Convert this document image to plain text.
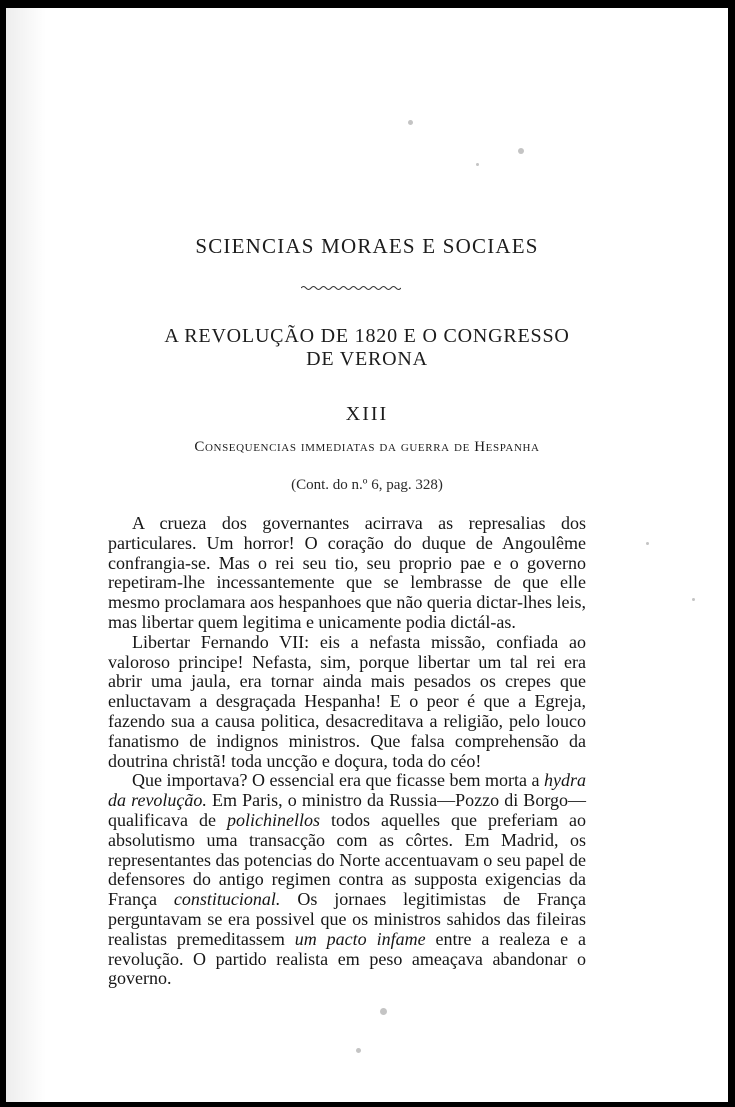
SCIENCIAS MORAES E SOCIAES
A REVOLUÇÃO DE 1820 E O CONGRESSO
DE VERONA
XIII
Consequencias immediatas da guerra de Hespanha
(Cont. do n.º 6, pag. 328)

A crueza dos governantes acirrava as represalias dos particulares. Um horror! O coração do duque de Angoulême confrangia-se. Mas o rei seu tio, seu proprio pae e o governo repetiram-lhe incessantemente que se lembrasse de que elle mesmo proclamara aos hespanhoes que não queria dictar-lhes leis, mas libertar quem legitima e unicamente podia dictál-as.

Libertar Fernando VII: eis a nefasta missão, confiada ao valoroso principe! Nefasta, sim, porque libertar um tal rei era abrir uma jaula, era tornar ainda mais pesados os crepes que enluctavam a desgraçada Hespanha! E o peor é que a Egreja, fazendo sua a causa politica, desacreditava a religião, pelo louco fanatismo de indignos ministros. Que falsa comprehensão da doutrina christã! toda uncção e doçura, toda do céo!

Que importava? O essencial era que ficasse bem morta a hydra da revolução. Em Paris, o ministro da Russia—Pozzo di Borgo—qualificava de polichinellos todos aquelles que preferiam ao absolutismo uma transacção com as côrtes. Em Madrid, os representantes das potencias do Norte accentuavam o seu papel de defensores do antigo regimen contra as supposta exigencias da França constitucional. Os jornaes legitimistas de França perguntavam se era possivel que os ministros sahidos das fileiras realistas premeditassem um pacto infame entre a realeza e a revolução. O partido realista em peso ameaçava abandonar o governo.
